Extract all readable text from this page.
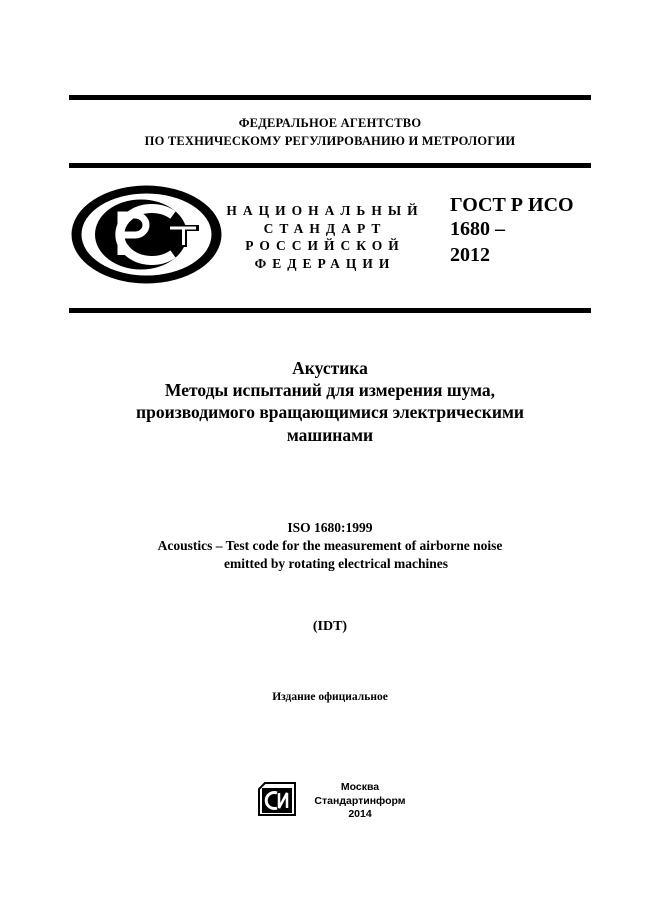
ФЕДЕРАЛЬНОЕ АГЕНТСТВО
ПО ТЕХНИЧЕСКОМУ РЕГУЛИРОВАНИЮ И МЕТРОЛОГИИ
НАЦИОНАЛЬНЫЙ
СТАНДАРТ
РОССИЙСКОЙ
ФЕДЕРАЦИИ
ГОСТ Р ИСО
1680 –
2012
Акустика
Методы испытаний для измерения шума,
производимого вращающимися электрическими
машинами
ISO 1680:1999
Acoustics – Test code for the measurement of airborne noise
emitted by rotating electrical machines
(IDT)
Издание официальное
Москва
Стандартинформ
2014
